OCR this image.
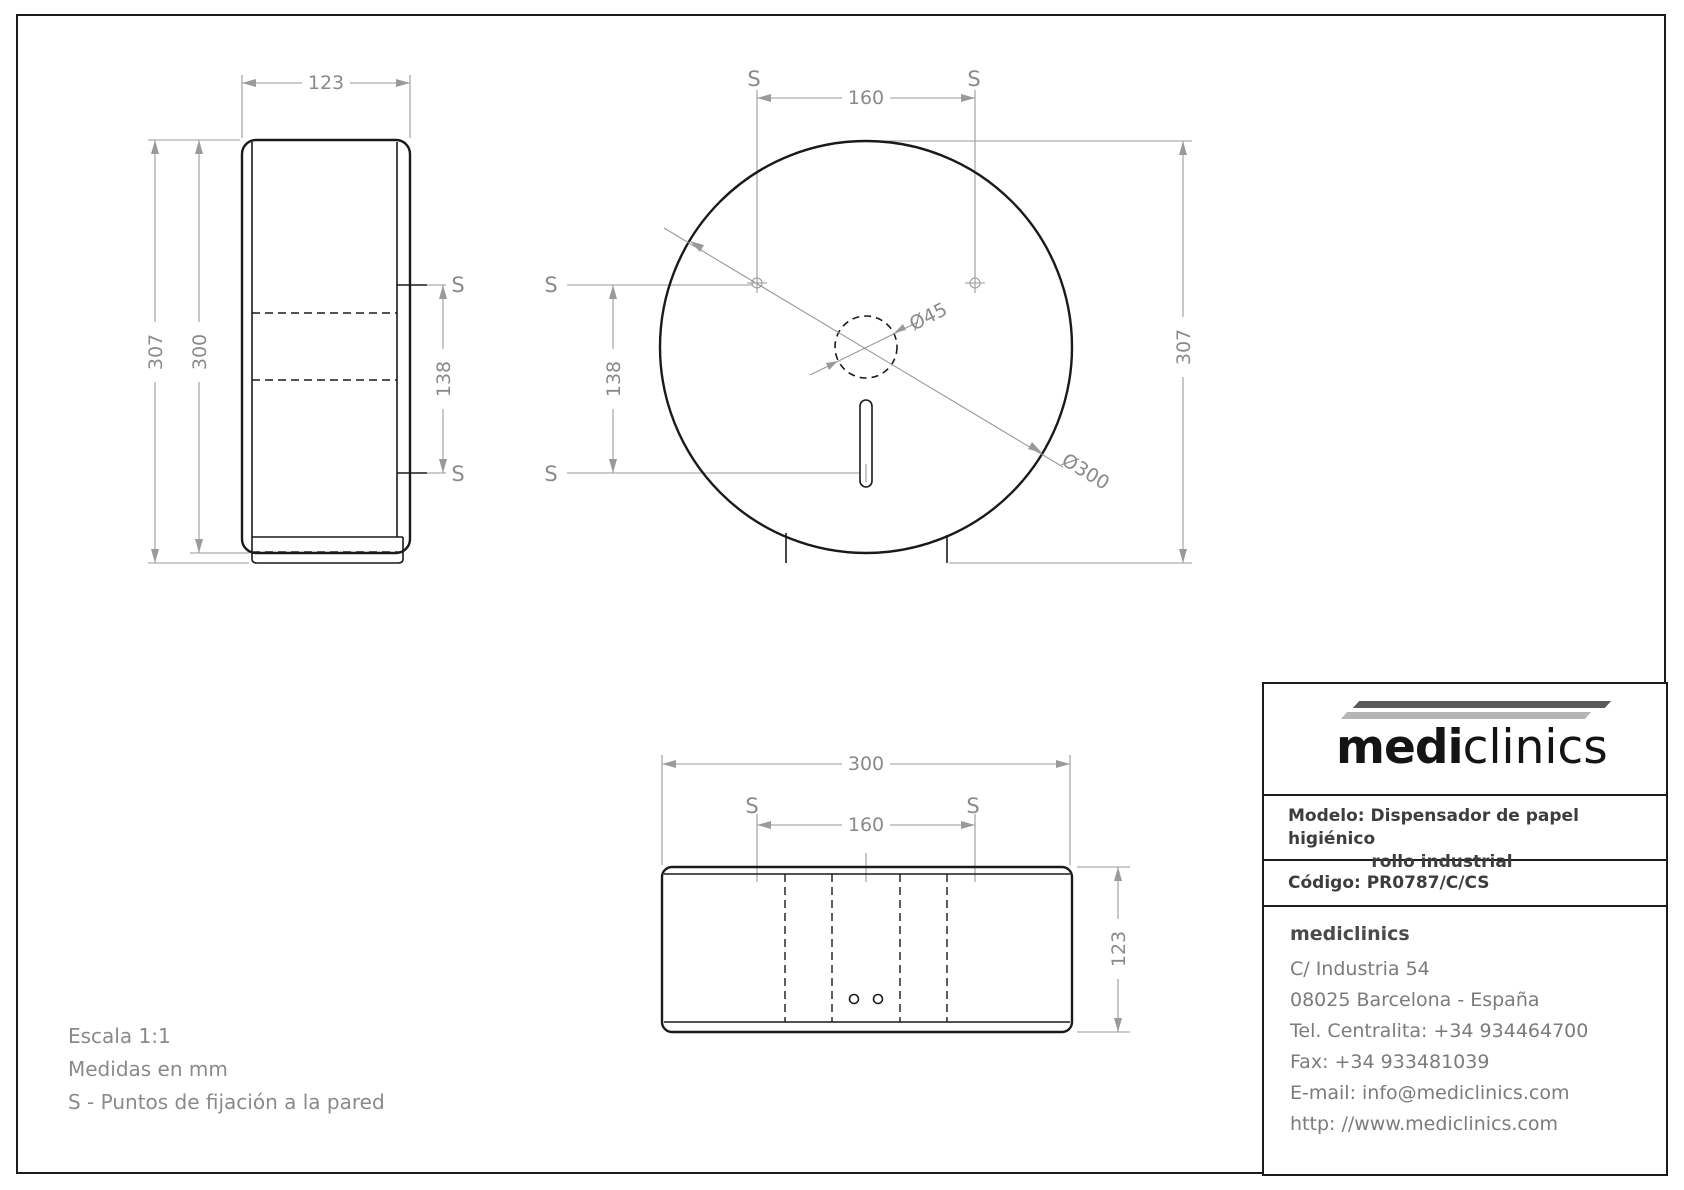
123
307 300
138
S
S
160
138
307
Ø45
Ø300
S	S
S
S
300
160
123
S	S
Escala 1:1
Medidas en mm
S - Puntos de fijación a la pared
mediclinics
Modelo: Dispensador de papel higiénico
rollo industrial
Código: PR0787/C/CS
mediclinics
C/ Industria 54
08025 Barcelona - España
Tel. Centralita: +34 934464700
Fax: +34 933481039
E-mail: info@mediclinics.com
http: //www.mediclinics.com
